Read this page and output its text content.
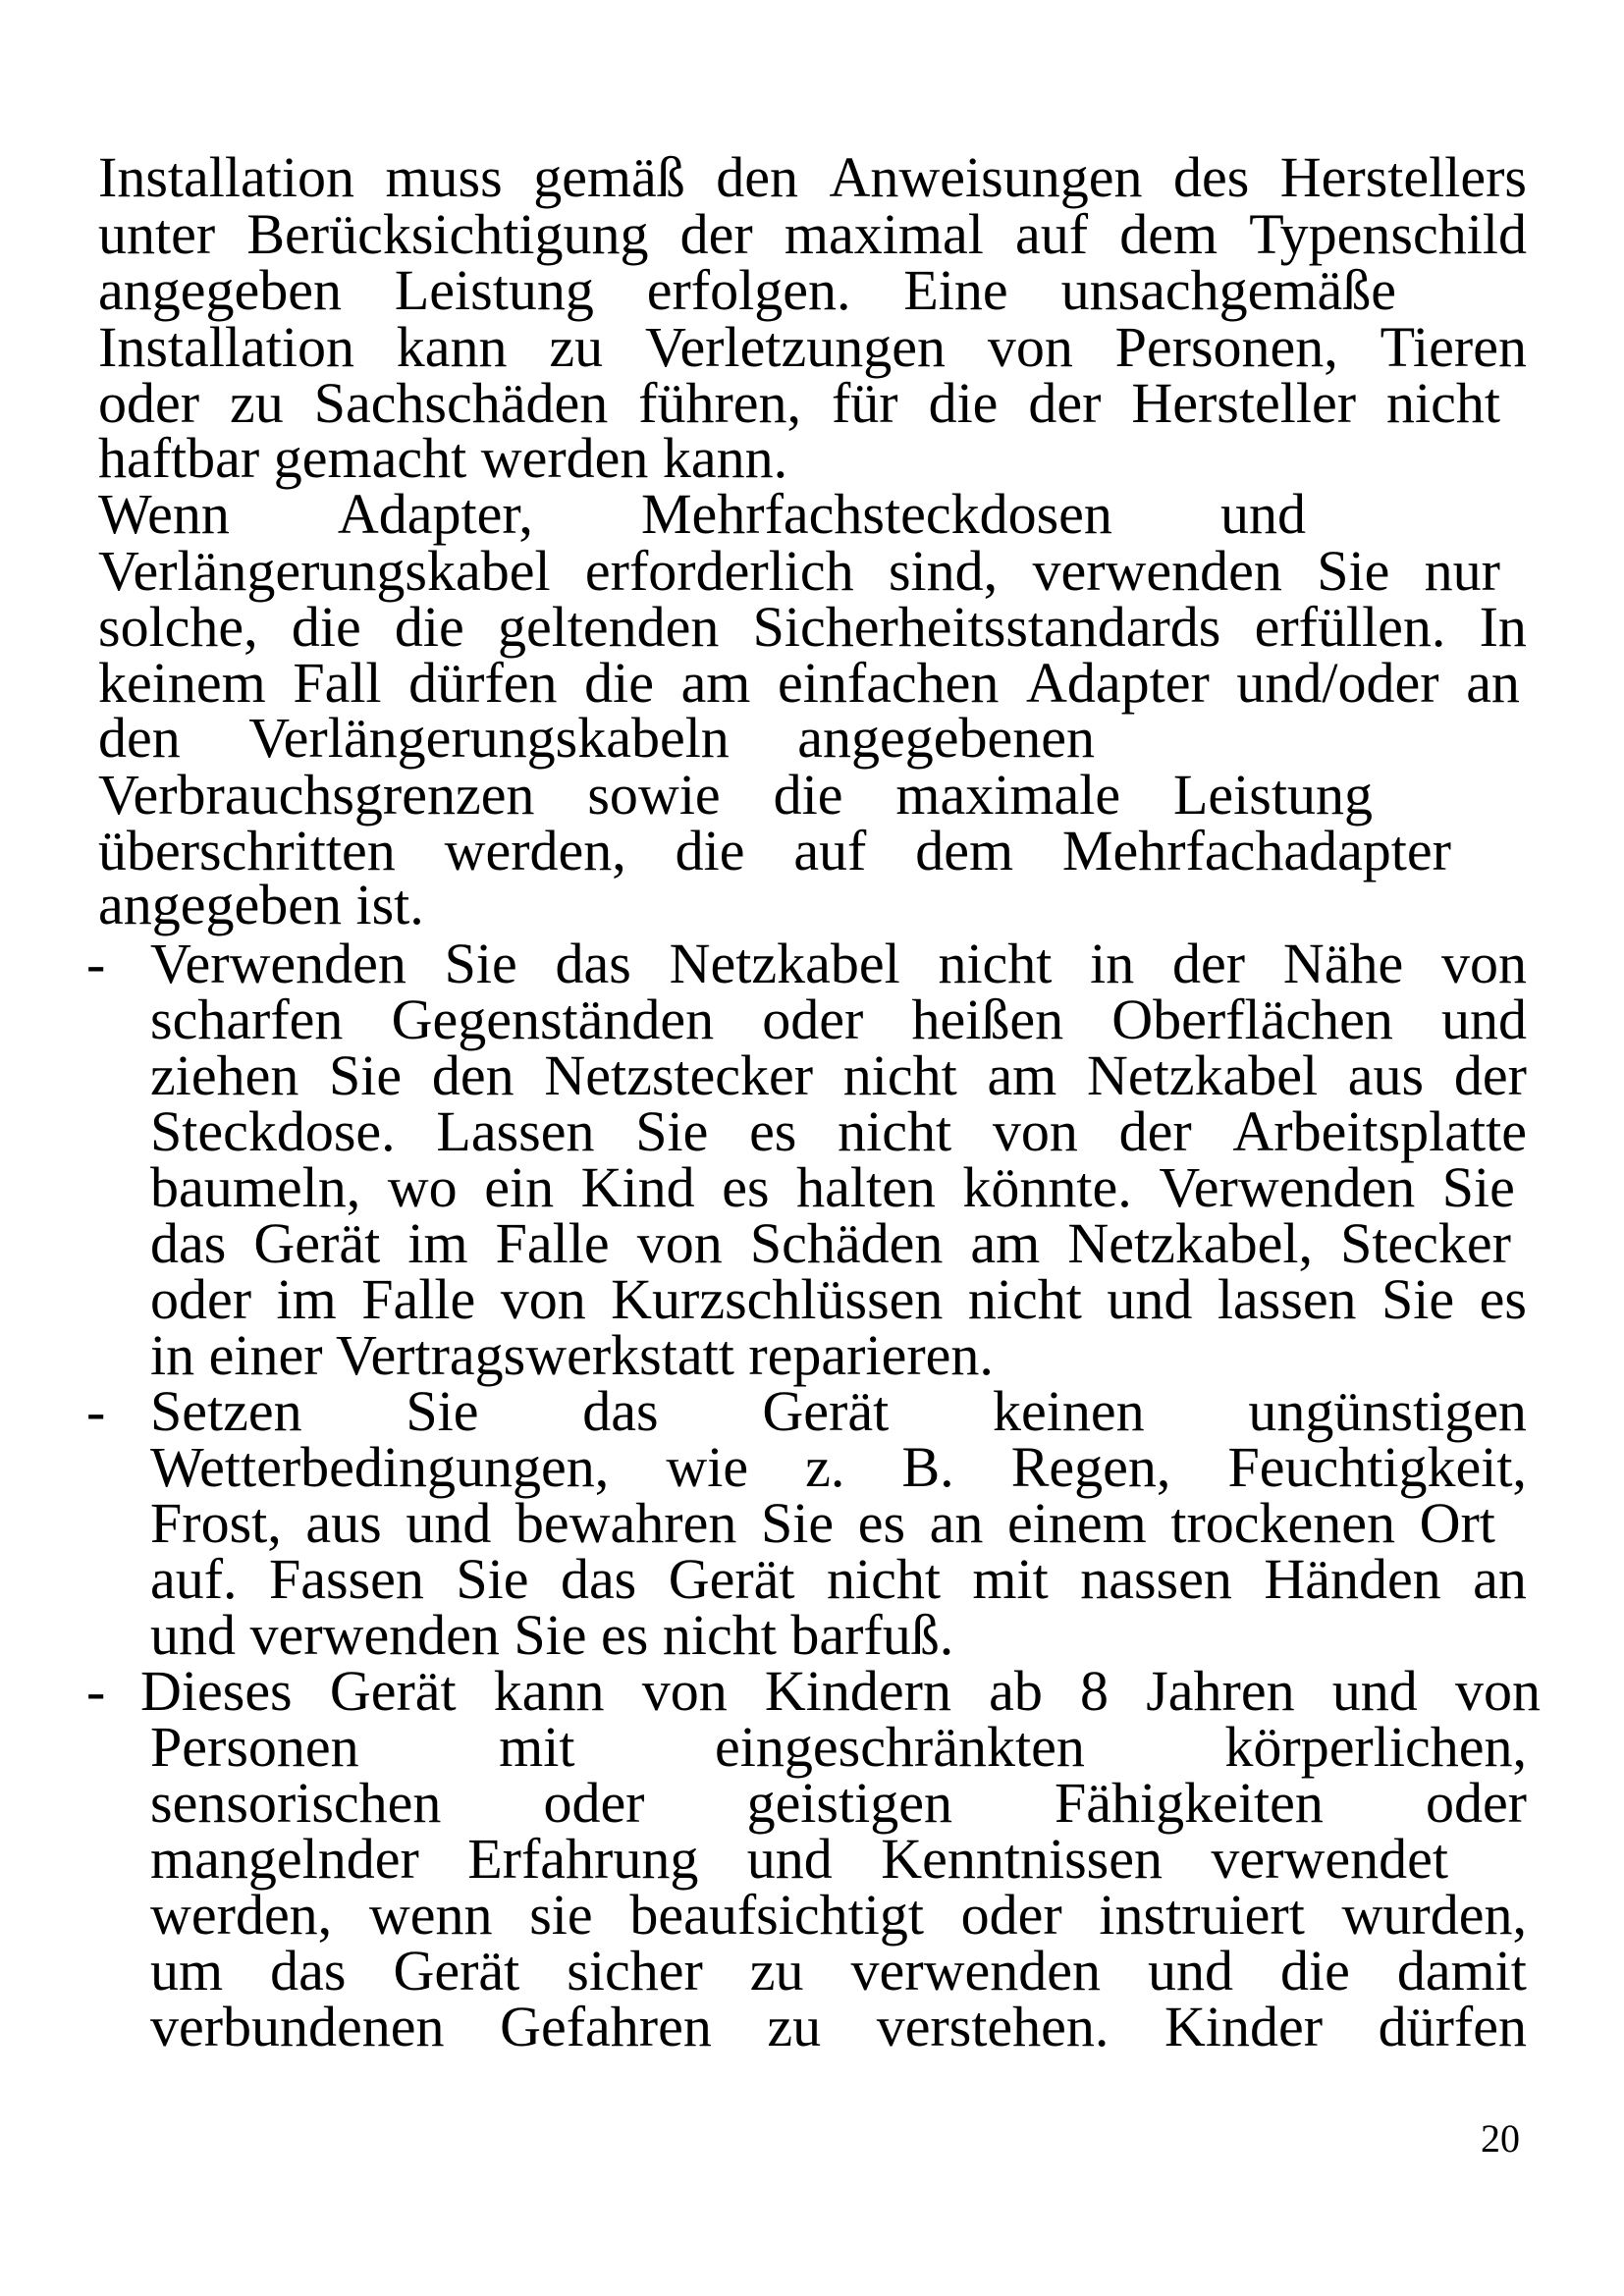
Installation muss gemäß den Anweisungen des Herstellers
unter Berücksichtigung der maximal auf dem Typenschild
angegeben Leistung erfolgen. Eine unsachgemäße
Installation kann zu Verletzungen von Personen, Tieren
oder zu Sachschäden führen, für die der Hersteller nicht
haftbar gemacht werden kann.
Wenn Adapter, Mehrfachsteckdosen und
Verlängerungskabel erforderlich sind, verwenden Sie nur
solche, die die geltenden Sicherheitsstandards erfüllen. In
keinem Fall dürfen die am einfachen Adapter und/oder an
den Verlängerungskabeln angegebenen
Verbrauchsgrenzen sowie die maximale Leistung
überschritten werden, die auf dem Mehrfachadapter
angegeben ist.
- Verwenden Sie das Netzkabel nicht in der Nähe von
scharfen Gegenständen oder heißen Oberflächen und
ziehen Sie den Netzstecker nicht am Netzkabel aus der
Steckdose. Lassen Sie es nicht von der Arbeitsplatte
baumeln, wo ein Kind es halten könnte. Verwenden Sie
das Gerät im Falle von Schäden am Netzkabel, Stecker
oder im Falle von Kurzschlüssen nicht und lassen Sie es
in einer Vertragswerkstatt reparieren.
- Setzen Sie das Gerät keinen ungünstigen
Wetterbedingungen, wie z. B. Regen, Feuchtigkeit,
Frost, aus und bewahren Sie es an einem trockenen Ort
auf. Fassen Sie das Gerät nicht mit nassen Händen an
und verwenden Sie es nicht barfuß.
- Dieses Gerät kann von Kindern ab 8 Jahren und von
Personen mit eingeschränkten körperlichen,
sensorischen oder geistigen Fähigkeiten oder
mangelnder Erfahrung und Kenntnissen verwendet
werden, wenn sie beaufsichtigt oder instruiert wurden,
um das Gerät sicher zu verwenden und die damit
verbundenen Gefahren zu verstehen. Kinder dürfen
20
